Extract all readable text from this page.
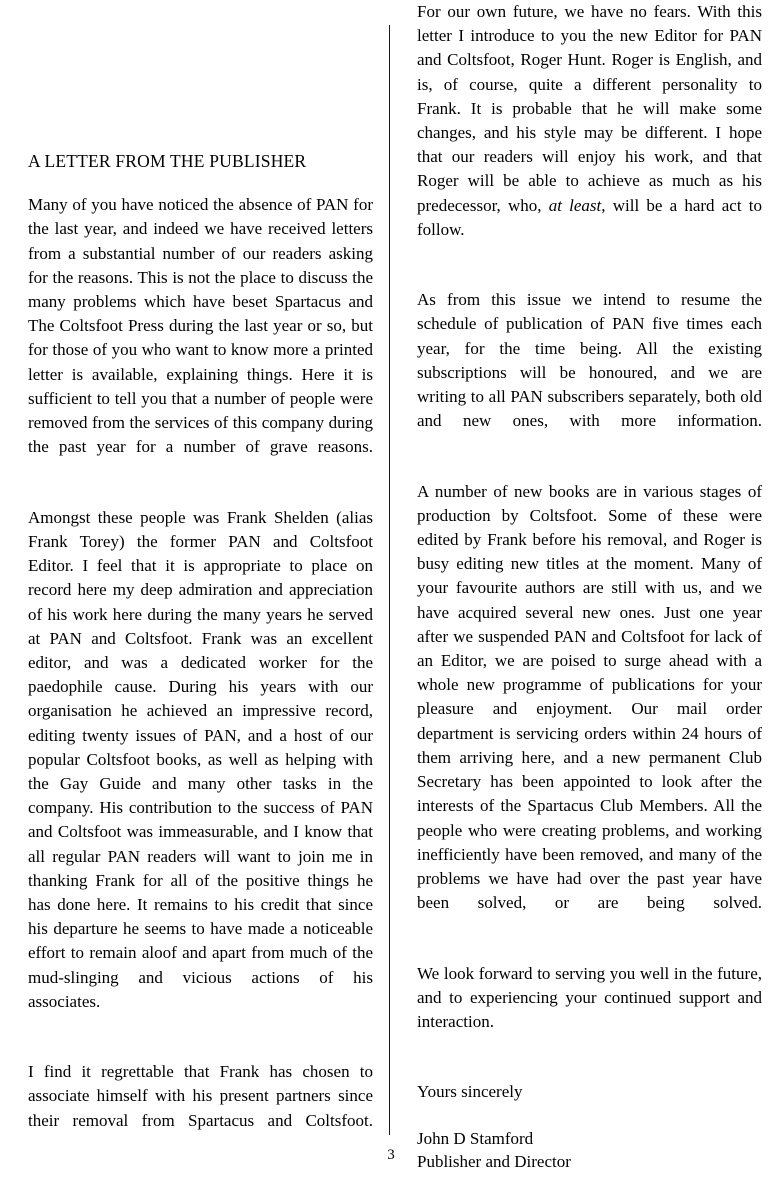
A LETTER FROM THE PUBLISHER

Many of you have noticed the absence of PAN for the last year, and indeed we have received letters from a substantial number of our readers asking for the reasons. This is not the place to discuss the many problems which have beset Spartacus and The Coltsfoot Press during the last year or so, but for those of you who want to know more a printed letter is available, explaining things. Here it is sufficient to tell you that a number of people were removed from the services of this company during the past year for a number of grave reasons.

Amongst these people was Frank Shelden (alias Frank Torey) the former PAN and Coltsfoot Editor. I feel that it is appropriate to place on record here my deep admiration and appreciation of his work here during the many years he served at PAN and Coltsfoot. Frank was an excellent editor, and was a dedicated worker for the paedophile cause. During his years with our organisation he achieved an impressive record, editing twenty issues of PAN, and a host of our popular Coltsfoot books, as well as helping with the Gay Guide and many other tasks in the company. His contribution to the success of PAN and Coltsfoot was immeasurable, and I know that all regular PAN readers will want to join me in thanking Frank for all of the positive things he has done here. It remains to his credit that since his departure he seems to have made a noticeable effort to remain aloof and apart from much of the mud-slinging and vicious actions of his associates.

I find it regrettable that Frank has chosen to associate himself with his present partners since their removal from Spartacus and Coltsfoot.

For our own future, we have no fears. With this letter I introduce to you the new Editor for PAN and Coltsfoot, Roger Hunt. Roger is English, and is, of course, quite a different personality to Frank. It is probable that he will make some changes, and his style may be different. I hope that our readers will enjoy his work, and that Roger will be able to achieve as much as his predecessor, who, at least, will be a hard act to follow.

As from this issue we intend to resume the schedule of publication of PAN five times each year, for the time being. All the existing subscriptions will be honoured, and we are writing to all PAN subscribers separately, both old and new ones, with more information.

A number of new books are in various stages of production by Coltsfoot. Some of these were edited by Frank before his removal, and Roger is busy editing new titles at the moment. Many of your favourite authors are still with us, and we have acquired several new ones. Just one year after we suspended PAN and Coltsfoot for lack of an Editor, we are poised to surge ahead with a whole new programme of publications for your pleasure and enjoyment. Our mail order department is servicing orders within 24 hours of them arriving here, and a new permanent Club Secretary has been appointed to look after the interests of the Spartacus Club Members. All the people who were creating problems, and working inefficiently have been removed, and many of the problems we have had over the past year have been solved, or are being solved.

We look forward to serving you well in the future, and to experiencing your continued support and interaction.

Yours sincerely

John D Stamford
Publisher and Director
3
